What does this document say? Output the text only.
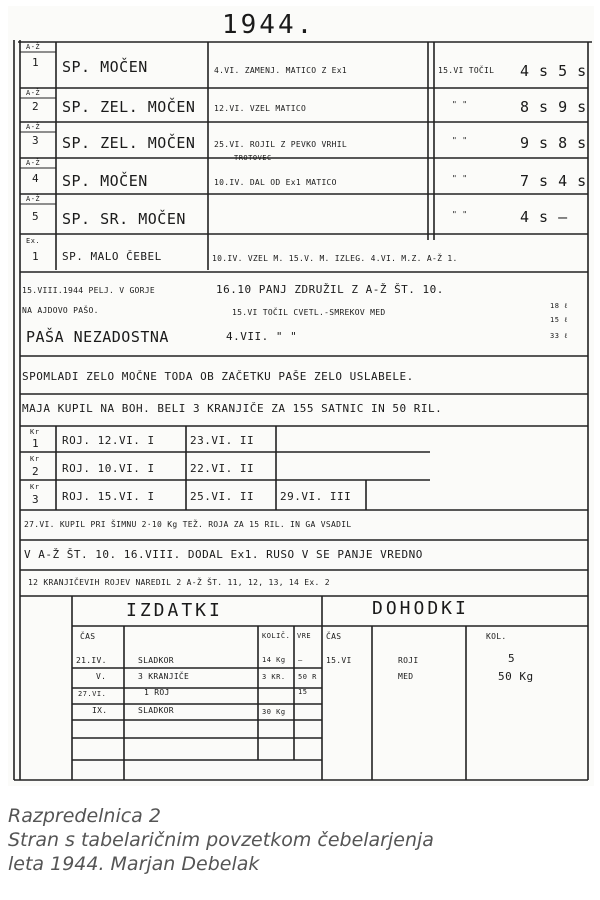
1944.
A-Ž
1 SP. MOČEN	4.VI. ZAMENJ. MATICO Z Ex1	15.VI TOČIL 4 s 5 s
A-Ž
2 SP. ZEL. MOČEN 12.VI. VZEL MATICO	" "	8 s 9 s
A-Ž
3 SP. ZEL. MOČEN 25.VI. ROJIL Z PEVKO VRHIL
TROTOVEC
" "	9 s 8 s
A-Ž
4 SP. MOČEN	10.IV. DAL OD Ex1 MATICO	" "	7 s 4 s
A-Ž
5 SP. SR. MOČEN	" "	4 s —
Ex.
1 SP. MALO ČEBEL	10.IV. VZEL M. 15.V. M. IZLEG. 4.VI. M.Z. A-Ž 1.
15.VIII.1944 PELJ. V GORJE	16.10 PANJ ZDRUŽIL Z A-Ž ŠT. 10.
NA AJDOVO PAŠO.	15.VI TOČIL CVETL.-SMREKOV MED
18 ℓ
15 ℓ
33 ℓ
PAŠA NEZADOSTNA	4.VII. " "
SPOMLADI ZELO MOČNE TODA OB ZAČETKU PAŠE ZELO USLABELE.
MAJA KUPIL NA BOH. BELI 3 KRANJIČE ZA 155 SATNIC IN 50 RIL.
Kr
1 ROJ. 12.VI. I	23.VI. II
Kr
2 ROJ. 10.VI. I	22.VI. II
Kr
3 ROJ. 15.VI. I	25.VI. II 29.VI. III
27.VI. KUPIL PRI ŠIMNU 2·10 Kg TEŽ. ROJA ZA 15 RIL. IN GA VSADIL
V A-Ž ŠT. 10. 16.VIII. DODAL Ex1. RUSO V SE PANJE VREDNO
12 KRANJIČEVIH ROJEV NAREDIL 2 A-Ž ŠT. 11, 12, 13, 14 Ex. 2
IZDATKI	DOHODKI
ČAS	KOLIČ. VRE ČAS	KOL.
21.IV.	SLADKOR	14 Kg —
V.	3 KRANJIČE	3 KR. 50 R
27.VI.	1 ROJ	15
IX.	SLADKOR	30 Kg
15.VI	ROJI	5
MED	50 Kg
Razpredelnica 2
Stran s tabelaričnim povzetkom čebelarjenja
leta 1944. Marjan Debelak
